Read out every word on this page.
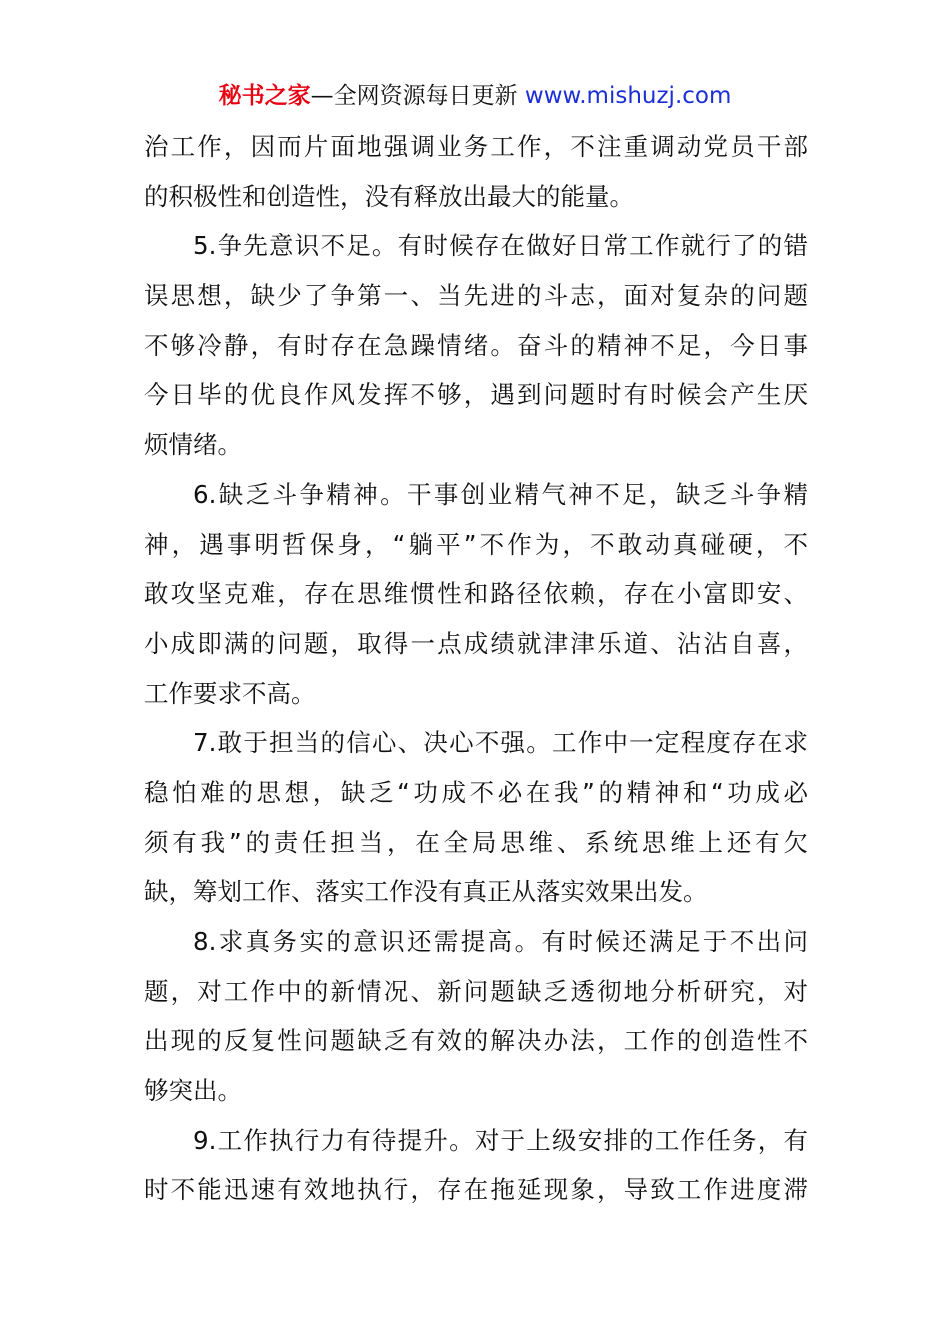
秘书之家—全网资源每日更新 www.mishuzj.com
治工作，因而片面地强调业务工作，不注重调动党员干部
的积极性和创造性，没有释放出最大的能量。
5.争先意识不足。有时候存在做好日常工作就行了的错
误思想，缺少了争第一、当先进的斗志，面对复杂的问题
不够冷静，有时存在急躁情绪。奋斗的精神不足，今日事
今日毕的优良作风发挥不够，遇到问题时有时候会产生厌
烦情绪。
6.缺乏斗争精神。干事创业精气神不足，缺乏斗争精
神，遇事明哲保身，“躺平”不作为，不敢动真碰硬，不
敢攻坚克难，存在思维惯性和路径依赖，存在小富即安、
小成即满的问题，取得一点成绩就津津乐道、沾沾自喜，
工作要求不高。
7.敢于担当的信心、决心不强。工作中一定程度存在求
稳怕难的思想，缺乏“功成不必在我”的精神和“功成必
须有我”的责任担当，在全局思维、系统思维上还有欠
缺，筹划工作、落实工作没有真正从落实效果出发。
8.求真务实的意识还需提高。有时候还满足于不出问
题，对工作中的新情况、新问题缺乏透彻地分析研究，对
出现的反复性问题缺乏有效的解决办法，工作的创造性不
够突出。
9.工作执行力有待提升。对于上级安排的工作任务，有
时不能迅速有效地执行，存在拖延现象，导致工作进度滞
